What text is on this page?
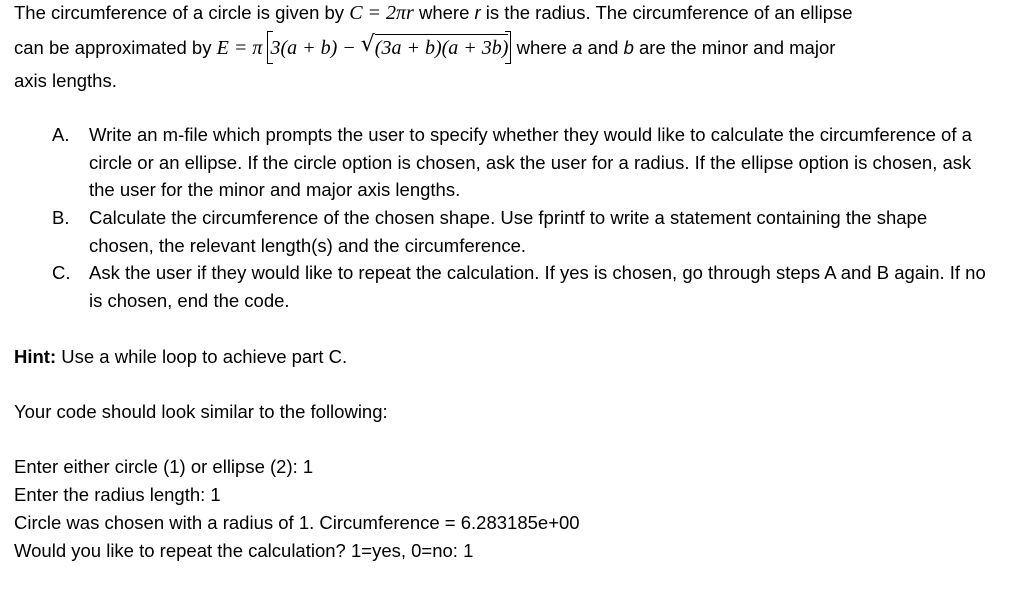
The circumference of a circle is given by C = 2πr where r is the radius. The circumference of an ellipse
can be approximated by E = π 3(a + b) − √ (3a + b)(a + 3b)
where a and b are the minor and major
axis lengths.
A.	Write an m-file which prompts the user to specify whether they would like to calculate the circumference of a circle or an ellipse. If the circle option is chosen, ask the user for a radius. If the ellipse option is chosen, ask the user for the minor and major axis lengths.
B.	Calculate the circumference of the chosen shape. Use fprintf to write a statement containing the shape chosen, the relevant length(s) and the circumference.
C.	Ask the user if they would like to repeat the calculation. If yes is chosen, go through steps A and B again. If no is chosen, end the code.
Hint: Use a while loop to achieve part C.
Your code should look similar to the following:
Enter either circle (1) or ellipse (2): 1
Enter the radius length: 1
Circle was chosen with a radius of 1. Circumference = 6.283185e+00
Would you like to repeat the calculation? 1=yes, 0=no: 1
